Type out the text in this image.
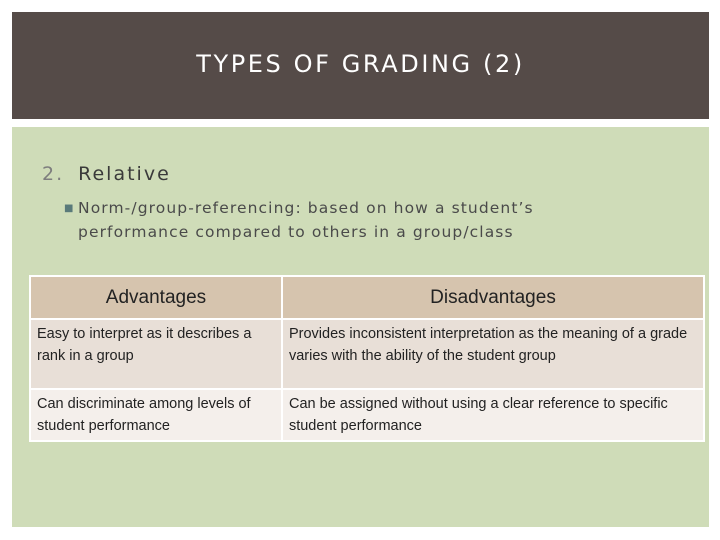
TYPES OF GRADING (2)
2. Relative
■ Norm-/group-referencing: based on how a student’s performance compared to others in a group/class
Advantages	Disadvantages
Easy to interpret as it describes a rank in a group	Provides inconsistent interpretation as the meaning of a grade varies with the ability of the student group
Can discriminate among levels of student performance	Can be assigned without using a clear reference to specific student performance
